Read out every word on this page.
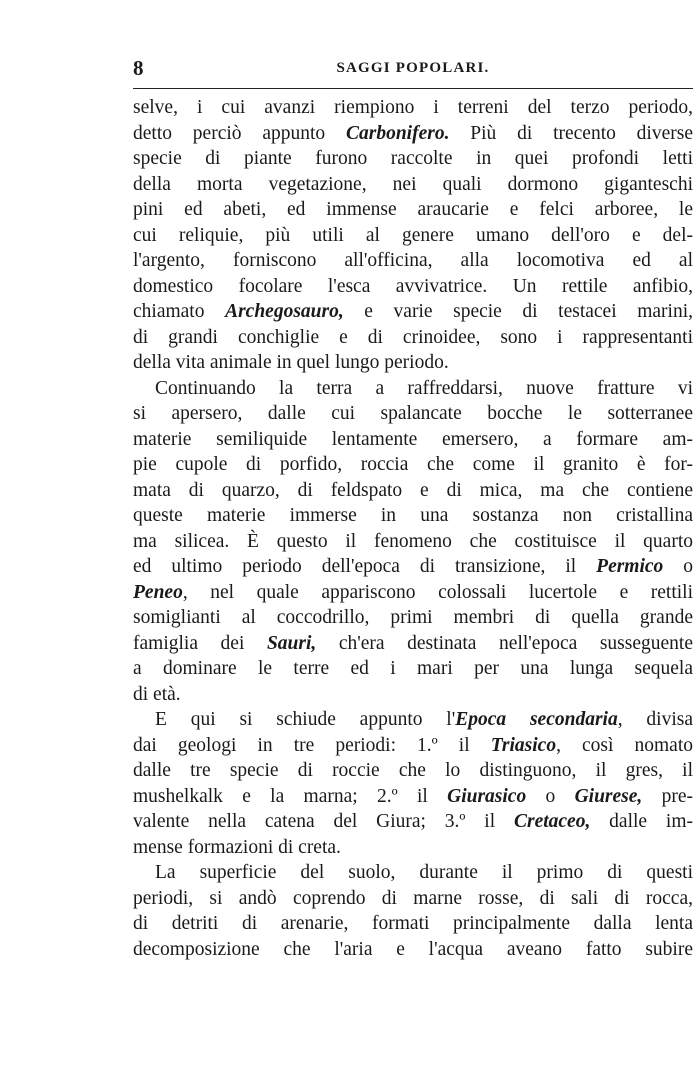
8	SAGGI POPOLARI.
selve, i cui avanzi riempiono i terreni del terzo periodo,
detto perciò appunto Carbonifero. Più di trecento diverse
specie di piante furono raccolte in quei profondi letti
della morta vegetazione, nei quali dormono giganteschi
pini ed abeti, ed immense araucarie e felci arboree, le
cui reliquie, più utili al genere umano dell'oro e del-
l'argento, forniscono all'officina, alla locomotiva ed al
domestico focolare l'esca avvivatrice. Un rettile anfibio,
chiamato Archegosauro, e varie specie di testacei marini,
di grandi conchiglie e di crinoidee, sono i rappresentanti
della vita animale in quel lungo periodo.
Continuando la terra a raffreddarsi, nuove fratture vi
si apersero, dalle cui spalancate bocche le sotterranee
materie semiliquide lentamente emersero, a formare am-
pie cupole di porfido, roccia che come il granito è for-
mata di quarzo, di feldspato e di mica, ma che contiene
queste materie immerse in una sostanza non cristallina
ma silicea. È questo il fenomeno che costituisce il quarto
ed ultimo periodo dell'epoca di transizione, il Permico o
Peneo, nel quale appariscono colossali lucertole e rettili
somiglianti al coccodrillo, primi membri di quella grande
famiglia dei Sauri, ch'era destinata nell'epoca susseguente
a dominare le terre ed i mari per una lunga sequela
di età.
E qui si schiude appunto l'Epoca secondaria, divisa
dai geologi in tre periodi: 1.º il Triasico, così nomato
dalle tre specie di roccie che lo distinguono, il gres, il
mushelkalk e la marna; 2.º il Giurasico o Giurese, pre-
valente nella catena del Giura; 3.º il Cretaceo, dalle im-
mense formazioni di creta.
La superficie del suolo, durante il primo di questi
periodi, si andò coprendo di marne rosse, di sali di rocca,
di detriti di arenarie, formati principalmente dalla lenta
decomposizione che l'aria e l'acqua aveano fatto subire
